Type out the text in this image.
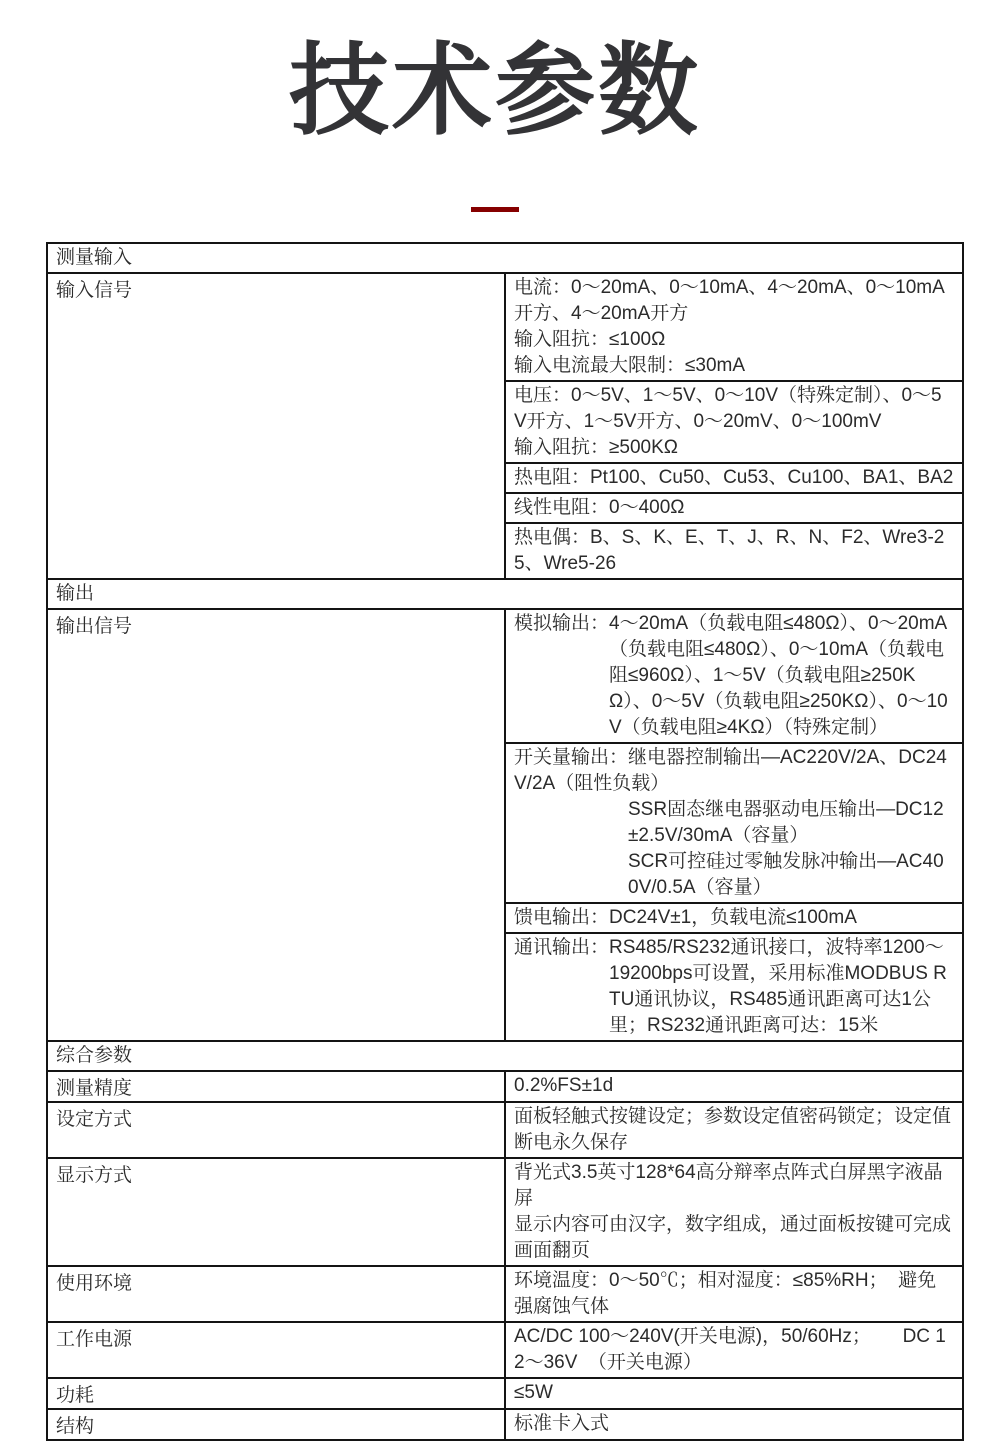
技术参数
测量输入	
输入信号	电流：0～20mA、0～10mA、4～20mA、0～10mA开方、4～20mA开方
输入阻抗：≤100Ω
输入电流最大限制：≤30mA

	电压：0～5V、1～5V、0～10V（特殊定制）、0～5V开方、1～5V开方、0～20mV、0～100mV
输入阻抗：≥500KΩ

	热电阻：Pt100、Cu50、Cu53、Cu100、BA1、BA2

	线性电阻：0～400Ω

	热电偶：B、S、K、E、T、J、R、N、F2、Wre3-25、Wre5-26

输出	
输出信号	模拟输出：4～20mA（负载电阻≤480Ω）、0～20mA（负载电阻≤480Ω）、0～10mA（负载电阻≤960Ω）、1～5V（负载电阻≥250KΩ）、0～5V（负载电阻≥250KΩ）、0～10V（负载电阻≥4KΩ）（特殊定制）

	开关量输出：继电器控制输出—AC220V/2A、DC24V/2A（阻性负载）
SSR固态继电器驱动电压输出—DC12±2.5V/30mA（容量）
SCR可控硅过零触发脉冲输出—AC400V/0.5A（容量）

	馈电输出：DC24V±1，负载电流≤100mA

	通讯输出：RS485/RS232通讯接口，波特率1200～19200bps可设置，采用标准MODBUS RTU通讯协议，RS485通讯距离可达1公里；RS232通讯距离可达：15米

综合参数	
测量精度	0.2%FS±1d

设定方式	面板轻触式按键设定；参数设定值密码锁定；设定值断电永久保存

显示方式	背光式3.5英寸128*64高分辩率点阵式白屏黑字液晶屏
显示内容可由汉字，数字组成，通过面板按键可完成画面翻页

使用环境	环境温度：0～50℃；相对湿度：≤85%RH；  避免强腐蚀气体

工作电源	AC/DC 100～240V(开关电源)，50/60Hz；      DC 12～36V  （开关电源）

功耗	≤5W

结构	标准卡入式
